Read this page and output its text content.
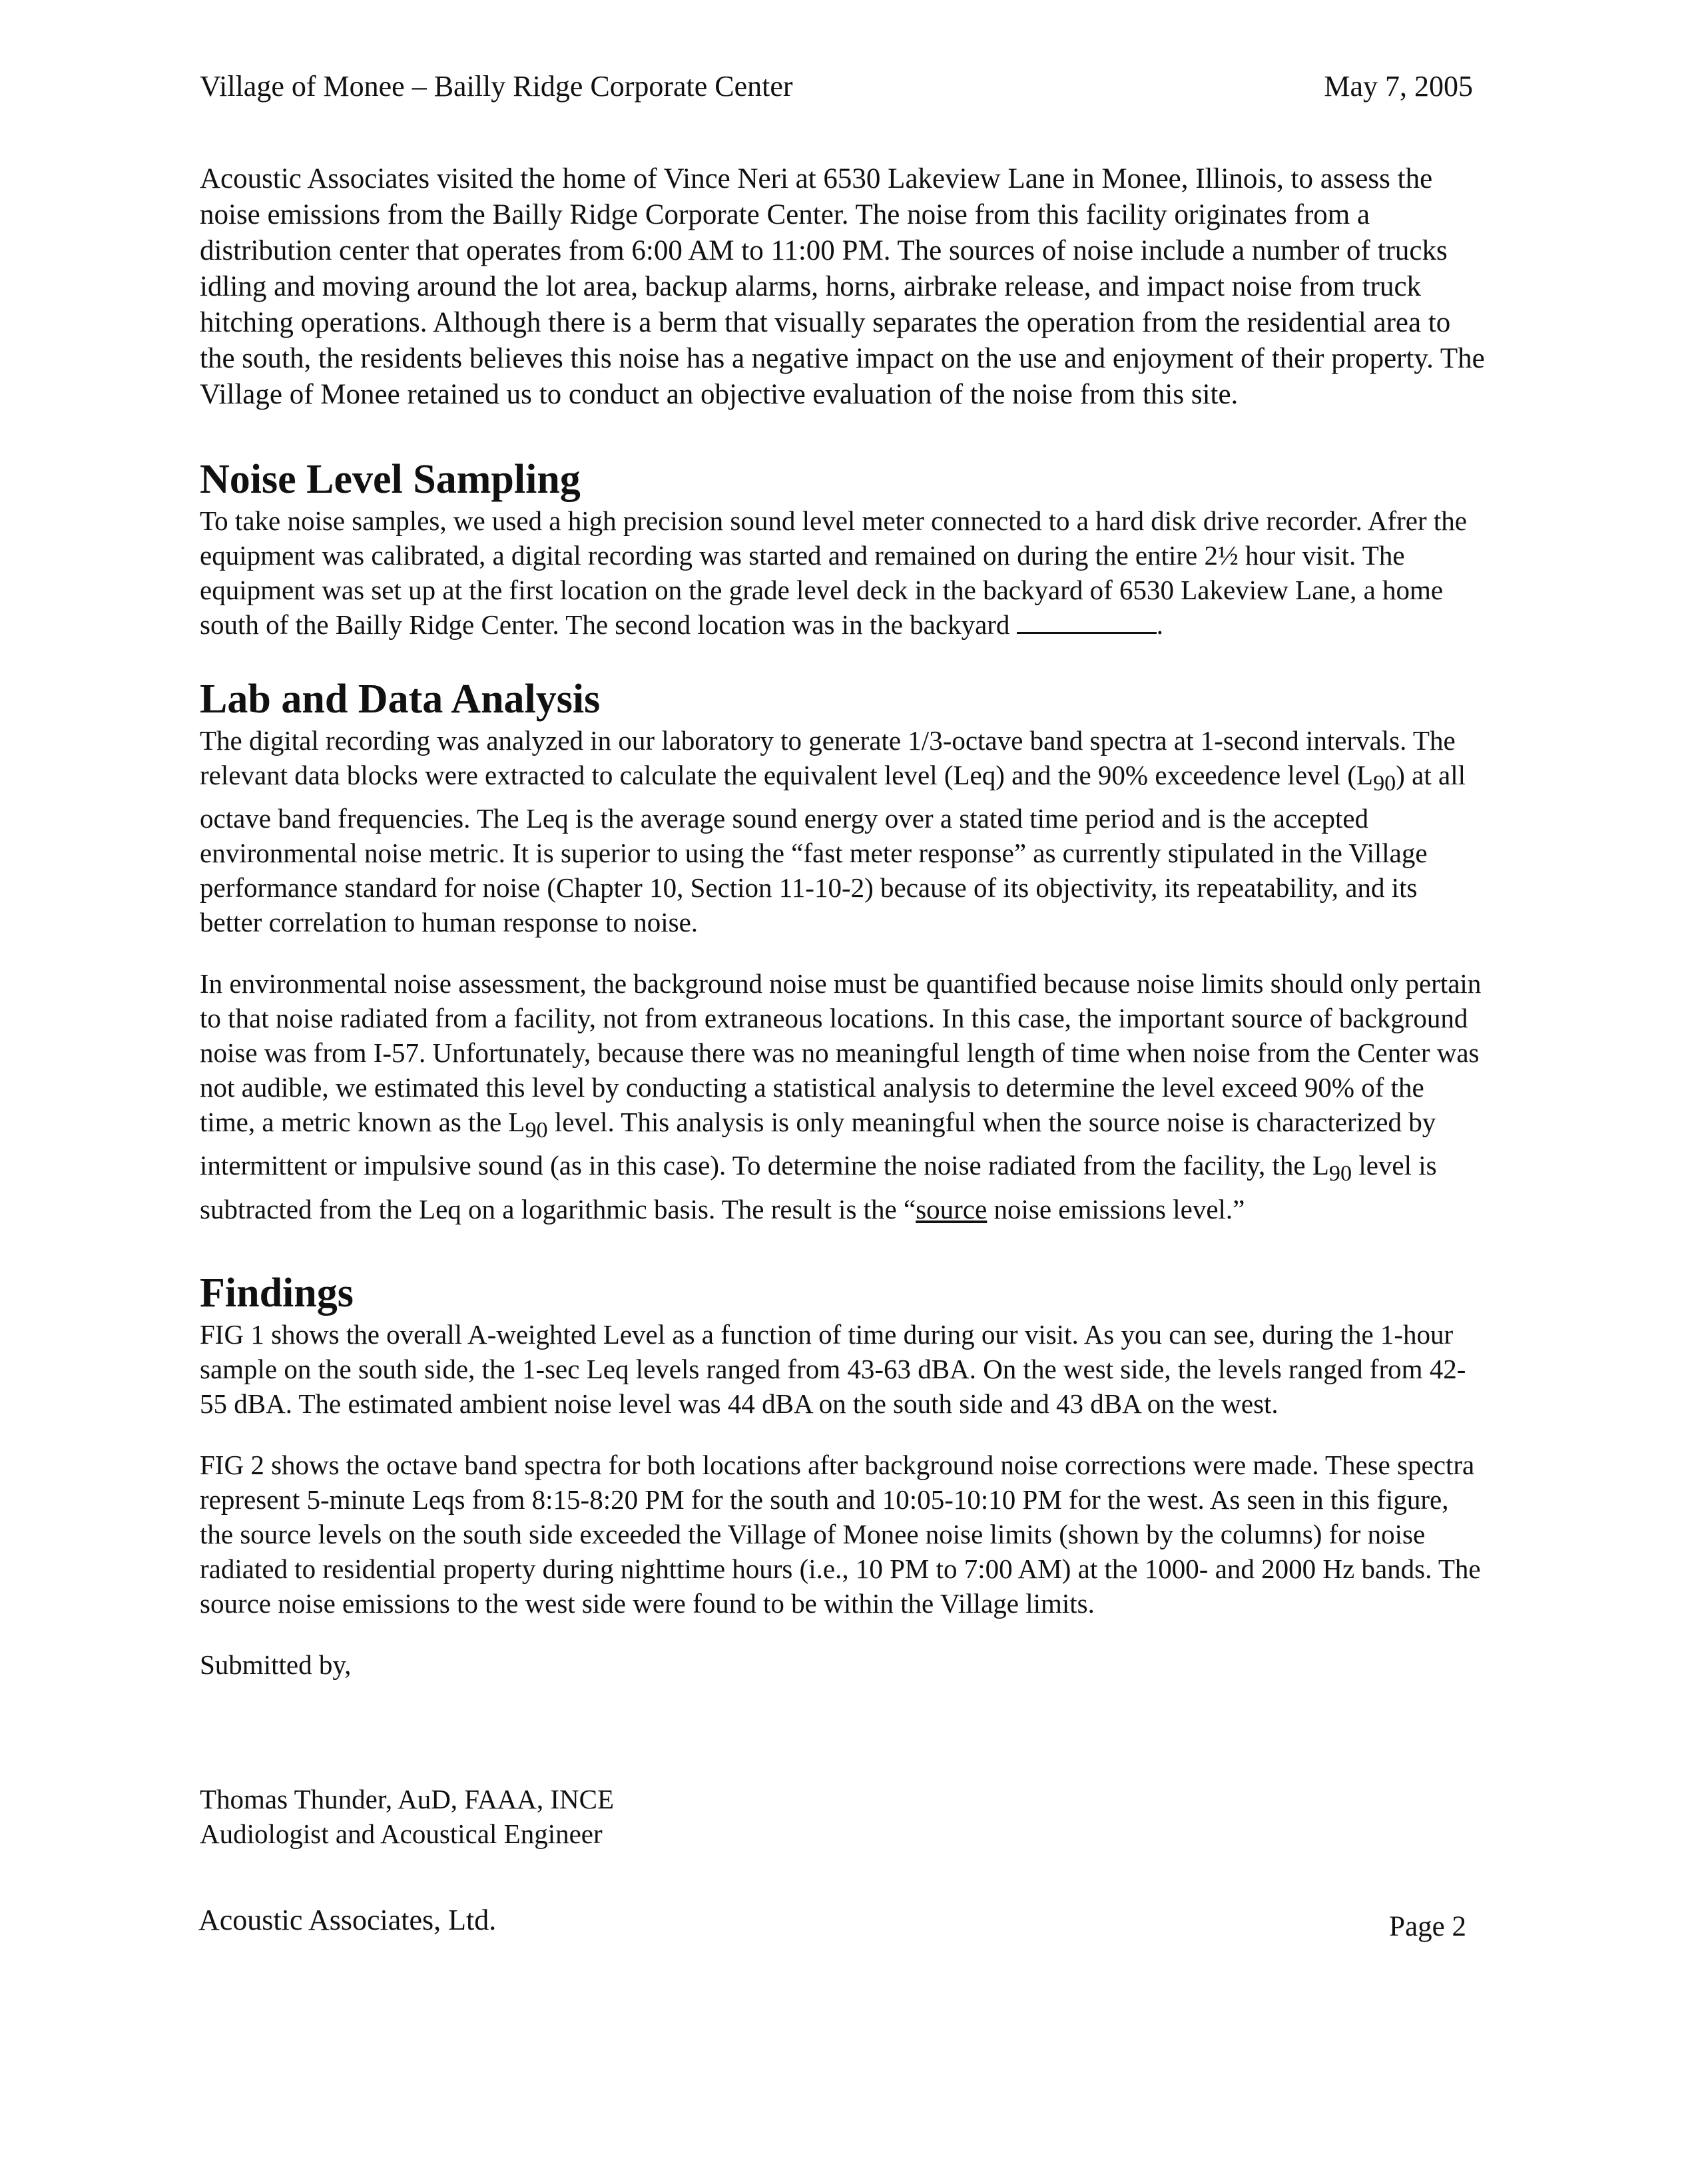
Village of Monee – Bailly Ridge Corporate Center	May 7, 2005

Acoustic Associates visited the home of Vince Neri at 6530 Lakeview Lane in Monee, Illinois, to assess the noise emissions from the Bailly Ridge Corporate Center. The noise from this facility originates from a distribution center that operates from 6:00 AM to 11:00 PM. The sources of noise include a number of trucks idling and moving around the lot area, backup alarms, horns, airbrake release, and impact noise from truck hitching operations. Although there is a berm that visually separates the operation from the residential area to the south, the residents believes this noise has a negative impact on the use and enjoyment of their property. The Village of Monee retained us to conduct an objective evaluation of the noise from this site.

Noise Level Sampling

To take noise samples, we used a high precision sound level meter connected to a hard disk drive recorder. Afrer the equipment was calibrated, a digital recording was started and remained on during the entire 2½ hour visit. The equipment was set up at the first location on the grade level deck in the backyard of 6530 Lakeview Lane, a home south of the Bailly Ridge Center. The second location was in the backyard	.

Lab and Data Analysis

The digital recording was analyzed in our laboratory to generate 1/3-octave band spectra at 1-second intervals. The relevant data blocks were extracted to calculate the equivalent level (Leq) and the 90% exceedence level $(L_{90})$ at all octave band frequencies. The Leq is the average sound energy over a stated time period and is the accepted environmental noise metric. It is superior to using the “fast meter response” as currently stipulated in the Village performance standard for noise (Chapter 10, Section 11-10-2) because of its objectivity, its repeatability, and its better correlation to human response to noise.

In environmental noise assessment, the background noise must be quantified because noise limits should only pertain to that noise radiated from a facility, not from extraneous locations. In this case, the important source of background noise was from I-57. Unfortunately, because there was no meaningful length of time when noise from the Center was not audible, we estimated this level by conducting a statistical analysis to determine the level exceed 90% of the time, a metric known as the $L_{90}$ level. This analysis is only meaningful when the source noise is characterized by intermittent or impulsive sound (as in this case). To determine the noise radiated from the facility, the $L_{90}$ level is subtracted from the Leq on a logarithmic basis. The result is the “source noise emissions level.”

Findings

FIG 1 shows the overall A-weighted Level as a function of time during our visit. As you can see, during the 1-hour sample on the south side, the 1-sec Leq levels ranged from 43-63 dBA. On the west side, the levels ranged from 42-55 dBA. The estimated ambient noise level was 44 dBA on the south side and 43 dBA on the west.

FIG 2 shows the octave band spectra for both locations after background noise corrections were made. These spectra represent 5-minute Leqs from 8:15-8:20 PM for the south and 10:05-10:10 PM for the west. As seen in this figure, the source levels on the south side exceeded the Village of Monee noise limits (shown by the columns) for noise radiated to residential property during nighttime hours (i.e., 10 PM to 7:00 AM) at the 1000- and 2000 Hz bands. The source noise emissions to the west side were found to be within the Village limits.

Submitted by,

Thomas Thunder, AuD, FAAA, INCE
Audiologist and Acoustical Engineer
Acoustic Associates, Ltd.	Page 2
